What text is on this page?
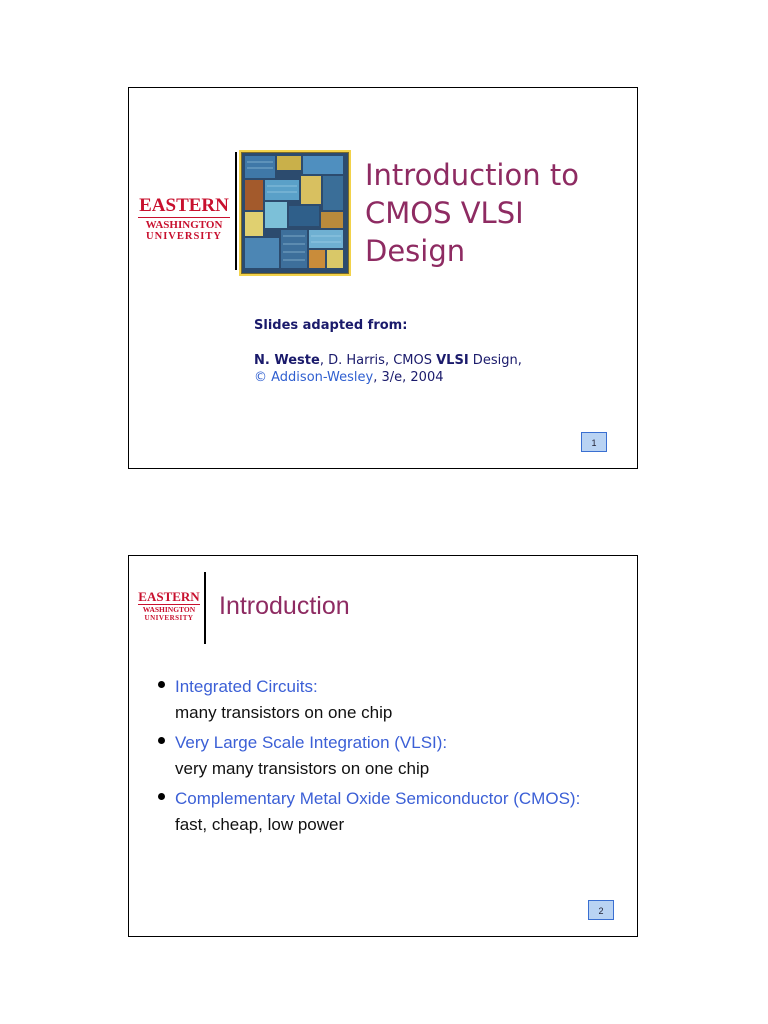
EASTERN
WASHINGTON
UNIVERSITY
Introduction to
CMOS VLSI
Design
Slides adapted from:
N. Weste, D. Harris, CMOS VLSI Design,
© Addison-Wesley, 3/e, 2004
1
EASTERN
WASHINGTON
UNIVERSITY Introduction
Integrated Circuits:
many transistors on one chip
Very Large Scale Integration (VLSI):
very many transistors on one chip
Complementary Metal Oxide Semiconductor (CMOS):
fast, cheap, low power
2
